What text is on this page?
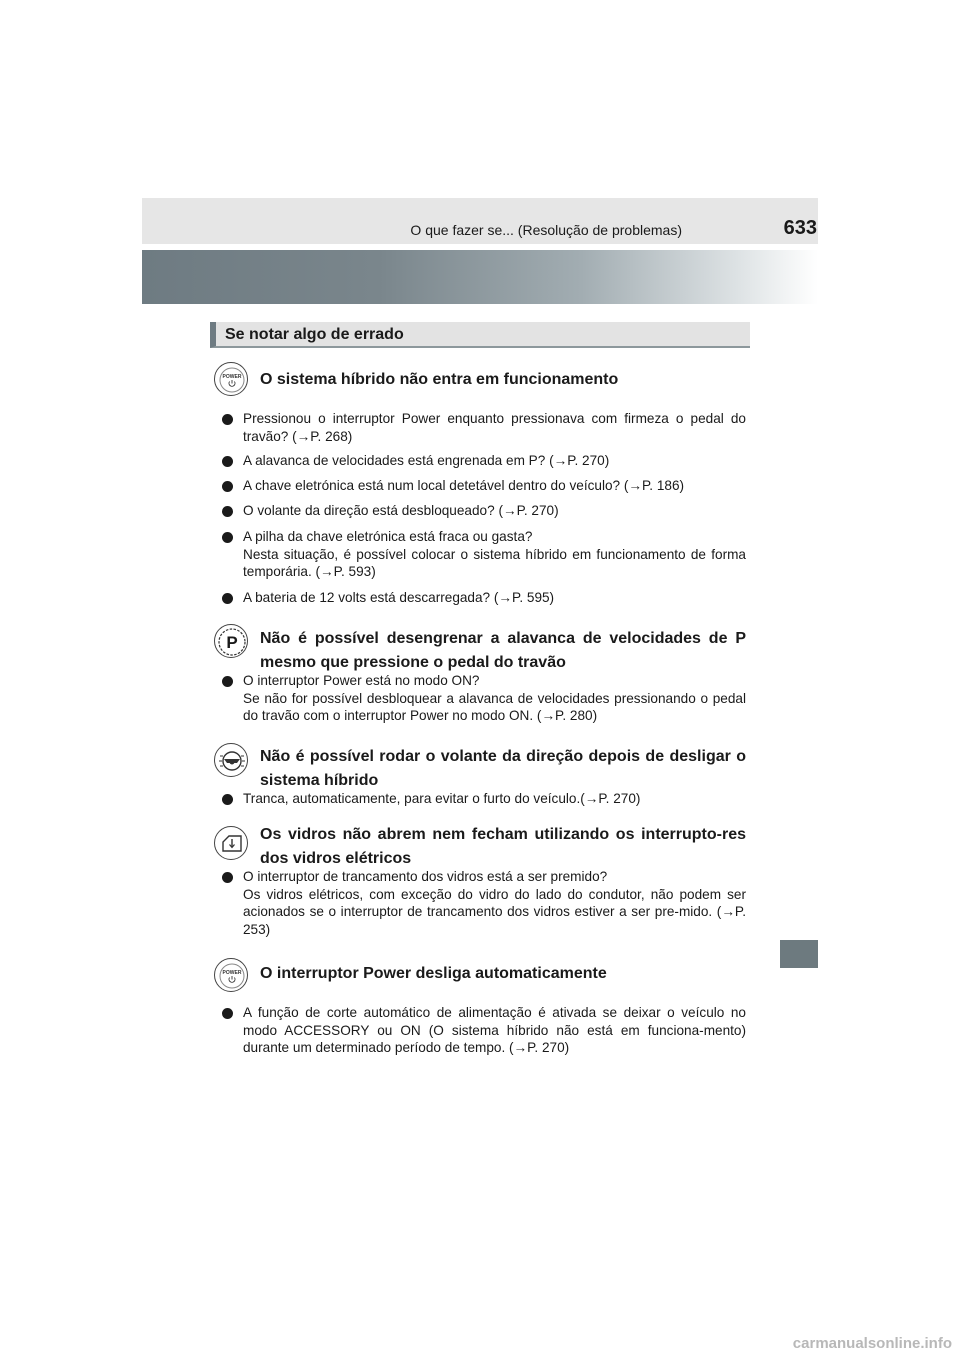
O que fazer se... (Resolução de problemas)	633
Se notar algo de errado
POWER O sistema híbrido não entra em funcionamento
Pressionou o interruptor Power enquanto pressionava com firmeza o pedal do travão? (→P. 268)
A alavanca de velocidades está engrenada em P? (→P. 270)
A chave eletrónica está num local detetável dentro do veículo? (→P. 186)
O volante da direção está desbloqueado? (→P. 270)
A pilha da chave eletrónica está fraca ou gasta?
Nesta situação, é possível colocar o sistema híbrido em funcionamento de forma temporária. (→P. 593)
A bateria de 12 volts está descarregada? (→P. 595)
P Não é possível desengrenar a alavanca de velocidades de P mesmo que pressione o pedal do travão
O interruptor Power está no modo ON?
Se não for possível desbloquear a alavanca de velocidades pressionando o pedal do travão com o interruptor Power no modo ON. (→P. 280)
Não é possível rodar o volante da direção depois de desligar o sistema híbrido
Tranca, automaticamente, para evitar o furto do veículo.(→P. 270)
Os vidros não abrem nem fecham utilizando os interrupto-res dos vidros elétricos
O interruptor de trancamento dos vidros está a ser premido?
Os vidros elétricos, com exceção do vidro do lado do condutor, não podem ser acionados se o interruptor de trancamento dos vidros estiver a ser pre-mido. (→P. 253)
POWER O interruptor Power desliga automaticamente
A função de corte automático de alimentação é ativada se deixar o veículo no modo ACCESSORY ou ON (O sistema híbrido não está em funciona-mento) durante um determinado período de tempo. (→P. 270)
carmanualsonline.info
